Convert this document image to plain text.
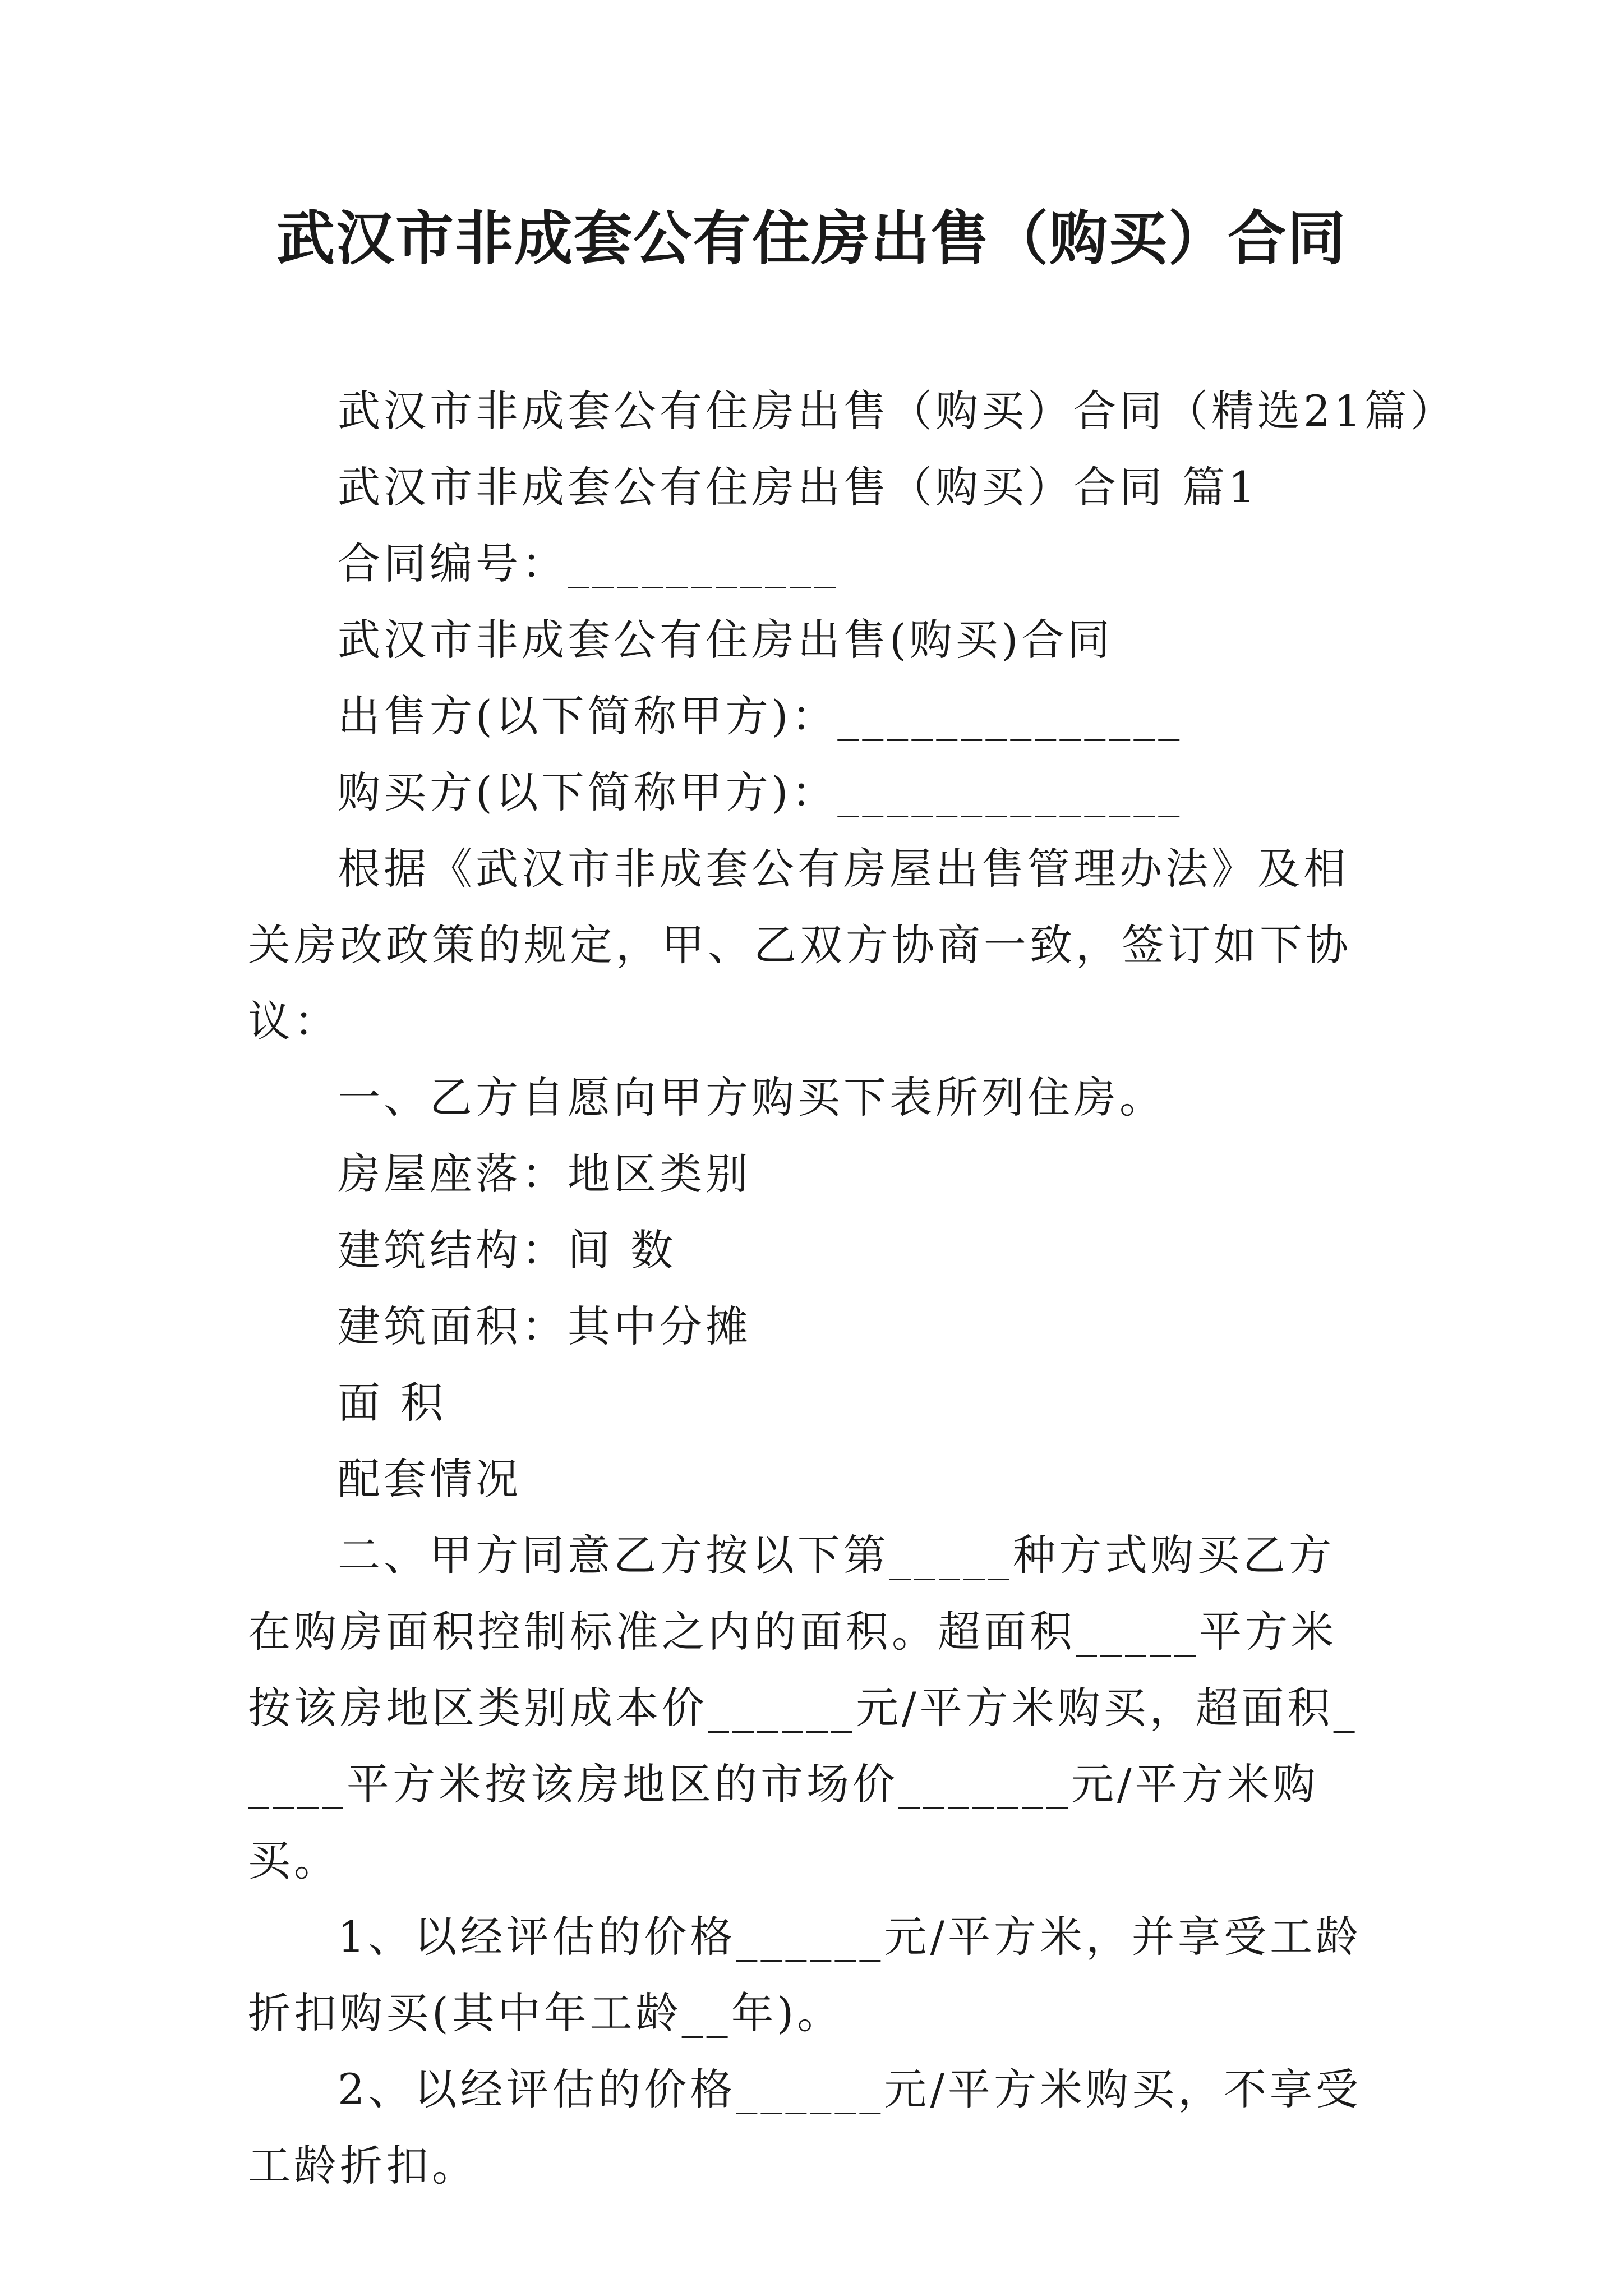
武汉市非成套公有住房出售（购买）合同

武汉市非成套公有住房出售（购买）合同（精选21篇）

武汉市非成套公有住房出售（购买）合同 篇1

合同编号：___________

武汉市非成套公有住房出售(购买)合同

出售方(以下简称甲方)：______________

购买方(以下简称甲方)：______________

根据《武汉市非成套公有房屋出售管理办法》及相关房改政策的规定，甲、乙双方协商一致，签订如下协议：

一、乙方自愿向甲方购买下表所列住房。

房屋座落：地区类别

建筑结构：间 数

建筑面积：其中分摊

面 积

配套情况

二、甲方同意乙方按以下第_____种方式购买乙方在购房面积控制标准之内的面积。超面积_____平方米按该房地区类别成本价______元/平方米购买，超面积_____平方米按该房地区的市场价_______元/平方米购买。

1、以经评估的价格______元/平方米，并享受工龄折扣购买(其中年工龄__年)。

2、以经评估的价格______元/平方米购买，不享受工龄折扣。
